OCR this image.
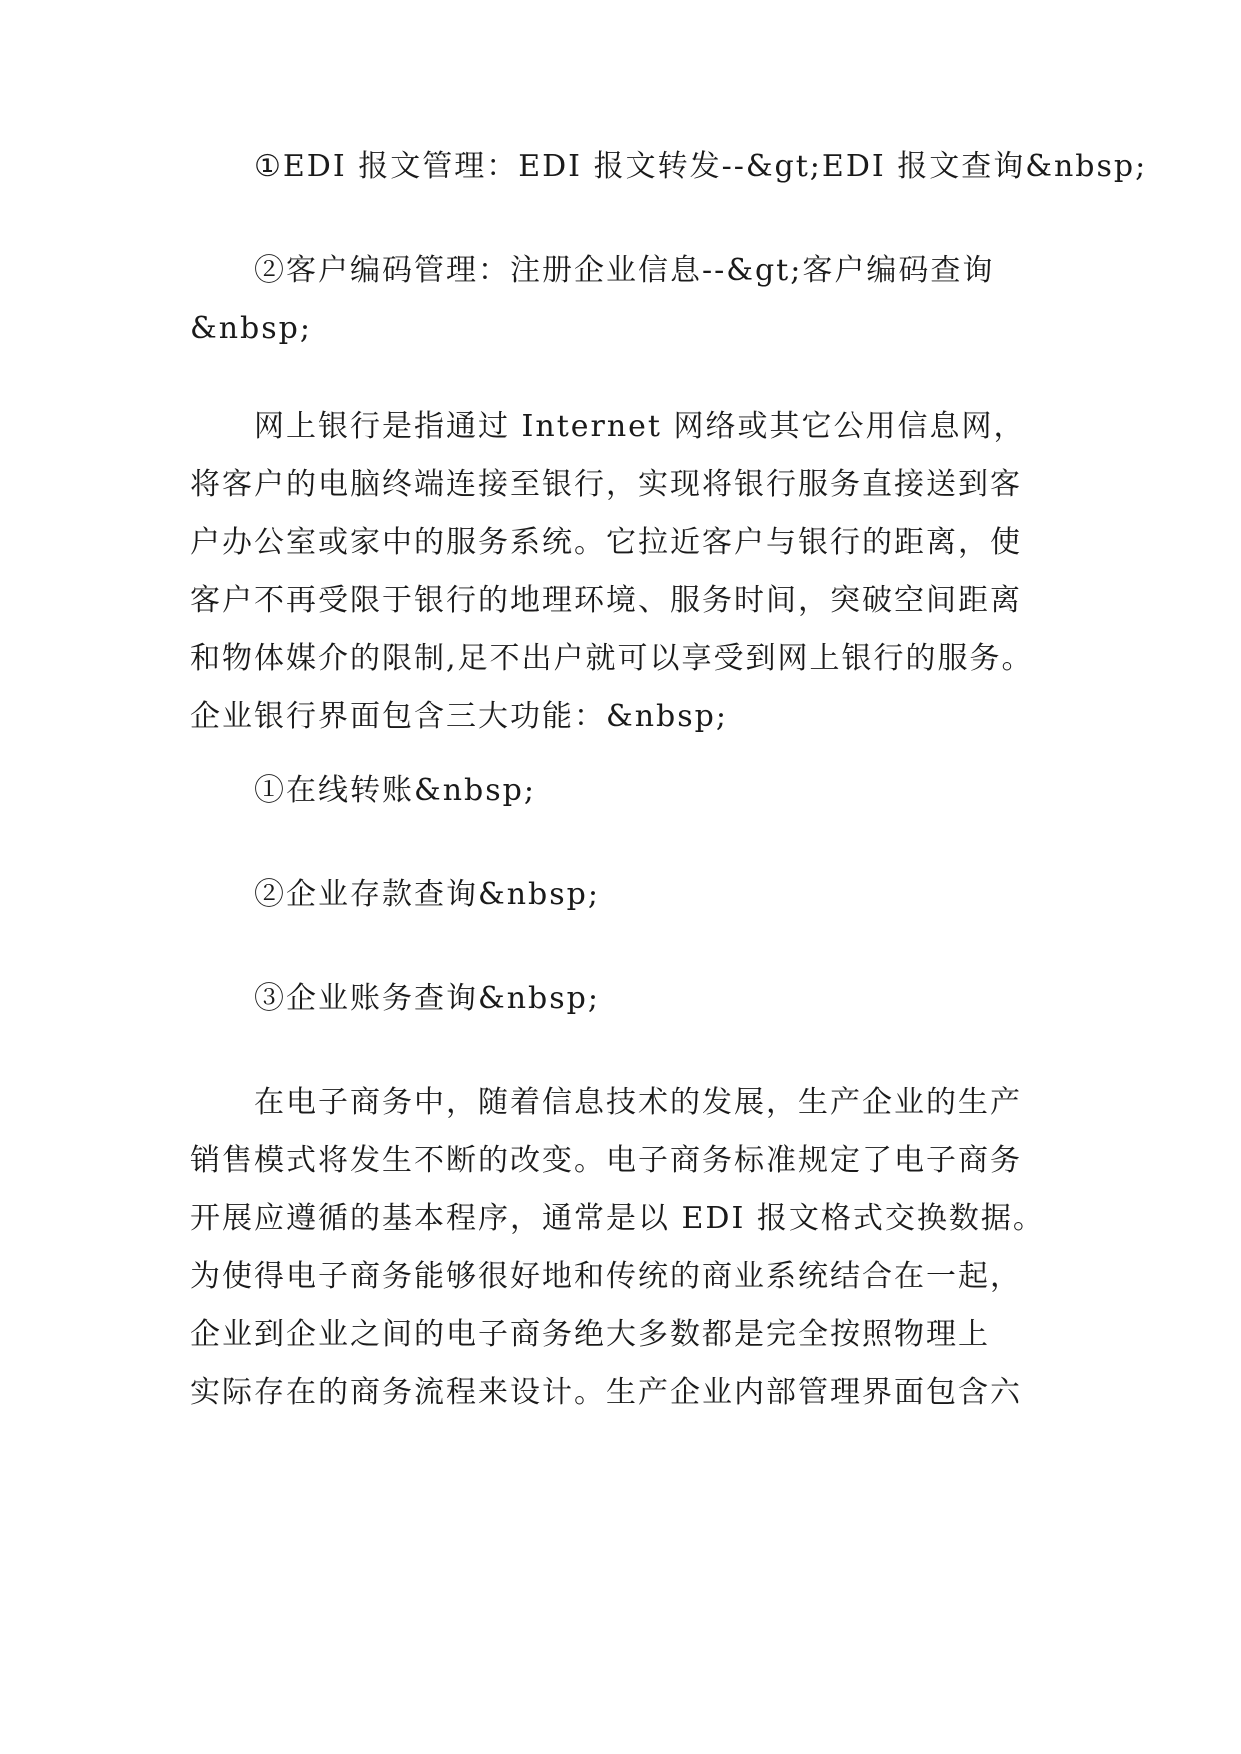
①EDI 报文管理：EDI 报文转发--&gt;EDI 报文查询&nbsp;

②客户编码管理：注册企业信息--&gt;客户编码查询
&nbsp;

网上银行是指通过 Internet 网络或其它公用信息网，
将客户的电脑终端连接至银行，实现将银行服务直接送到客
户办公室或家中的服务系统。它拉近客户与银行的距离，使
客户不再受限于银行的地理环境、服务时间，突破空间距离
和物体媒介的限制,足不出户就可以享受到网上银行的服务。
企业银行界面包含三大功能：&nbsp;

①在线转账&nbsp;

②企业存款查询&nbsp;

③企业账务查询&nbsp;

在电子商务中，随着信息技术的发展，生产企业的生产
销售模式将发生不断的改变。电子商务标准规定了电子商务
开展应遵循的基本程序，通常是以 EDI 报文格式交换数据。
为使得电子商务能够很好地和传统的商业系统结合在一起，
企业到企业之间的电子商务绝大多数都是完全按照物理上
实际存在的商务流程来设计。生产企业内部管理界面包含六
